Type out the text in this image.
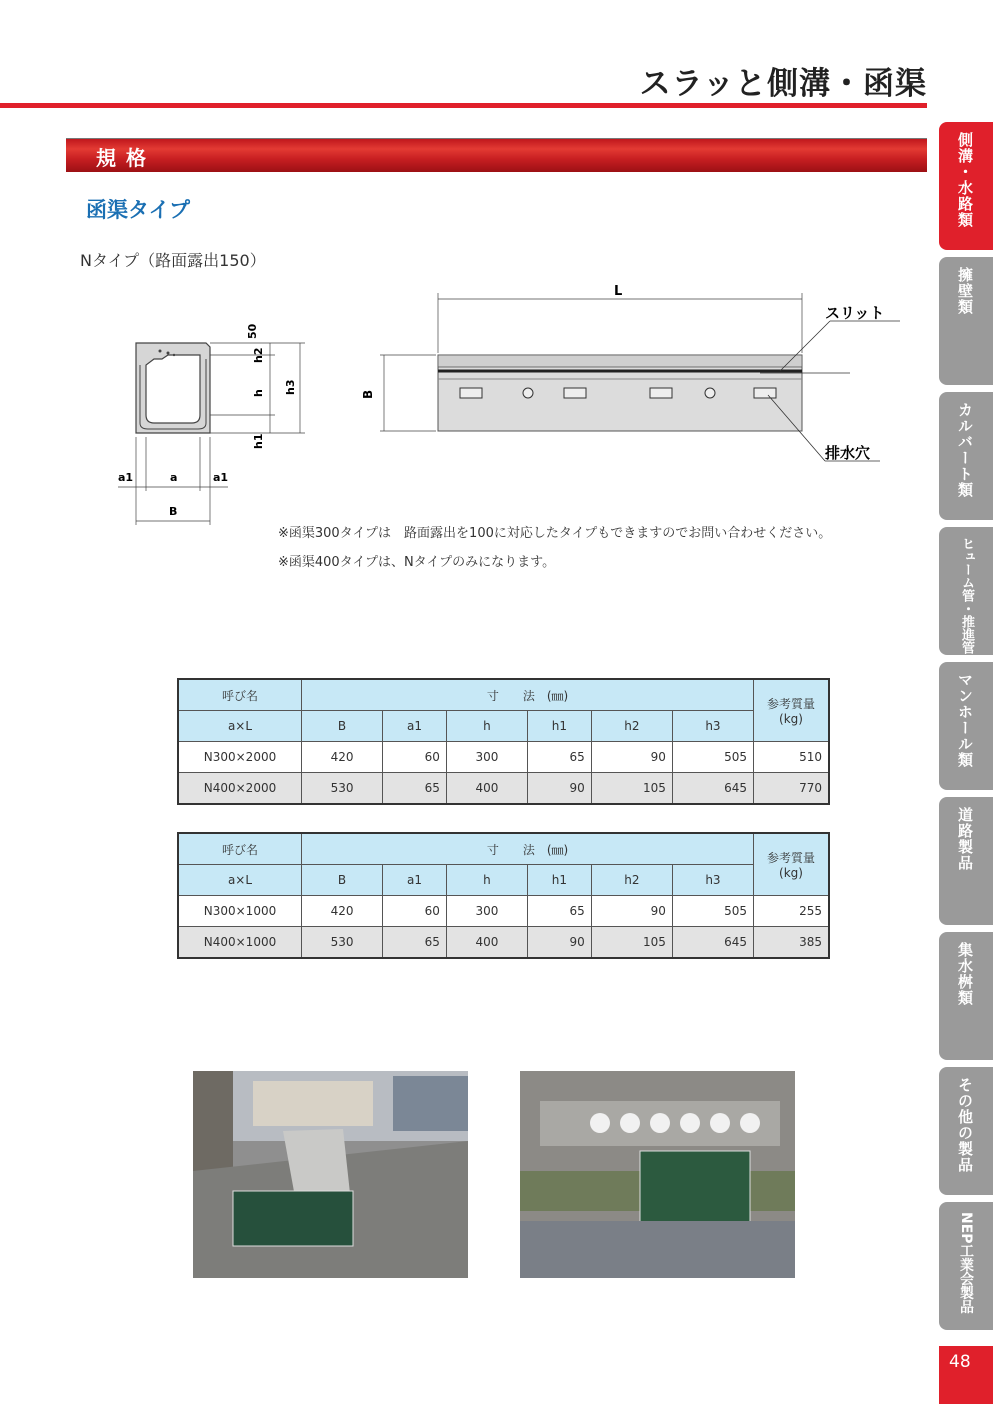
スラッと側溝・函渠
規格
函渠タイプ
Nタイプ（路面露出150）
50
h2
h h3
h1
a1	a	a1
B
L
B
スリット
排水穴
※函渠300タイプは　路面露出を100に対応したタイプもできますのでお問い合わせください。
※函渠400タイプは、Nタイプのみになります。
呼び名	寸　　法　(㎜)						参考質量
(kg)

a×L	B	a1	h	h1	h2	h3	
N300×2000	420	60	300	65	90	505	510
N400×2000	530	65	400	90	105	645	770
呼び名	寸　　法　(㎜)						参考質量
(kg)

a×L	B	a1	h	h1	h2	h3	
N300×1000	420	60	300	65	90	505	255
N400×1000	530	65	400	90	105	645	385
側溝・水路類
擁壁類
カルバート類
ヒューム管・推進管
マンホール類
道路製品
集水桝類
その他の製品
NEP工業会製品
48
